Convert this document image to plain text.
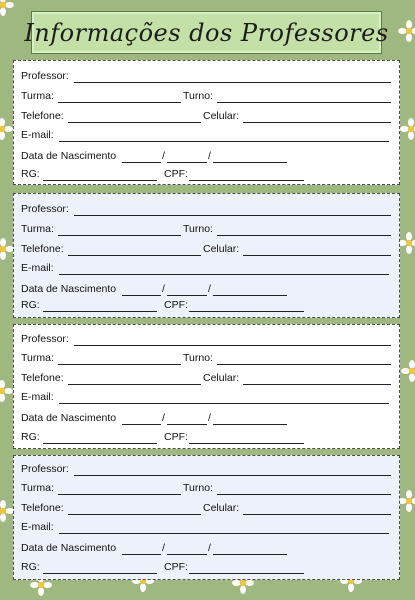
Informações dos Professores
Professor:
Turma:	Turno:
Telefone:	Celular:
E-mail:
Data de Nascimento	/	/
RG:	CPF:
Professor:
Turma:	Turno:
Telefone:	Celular:
E-mail:
Data de Nascimento	/	/
RG:	CPF:
Professor:
Turma:	Turno:
Telefone:	Celular:
E-mail:
Data de Nascimento	/	/
RG:	CPF:
Professor:
Turma:	Turno:
Telefone:	Celular:
E-mail:
Data de Nascimento	/	/
RG:	CPF:
